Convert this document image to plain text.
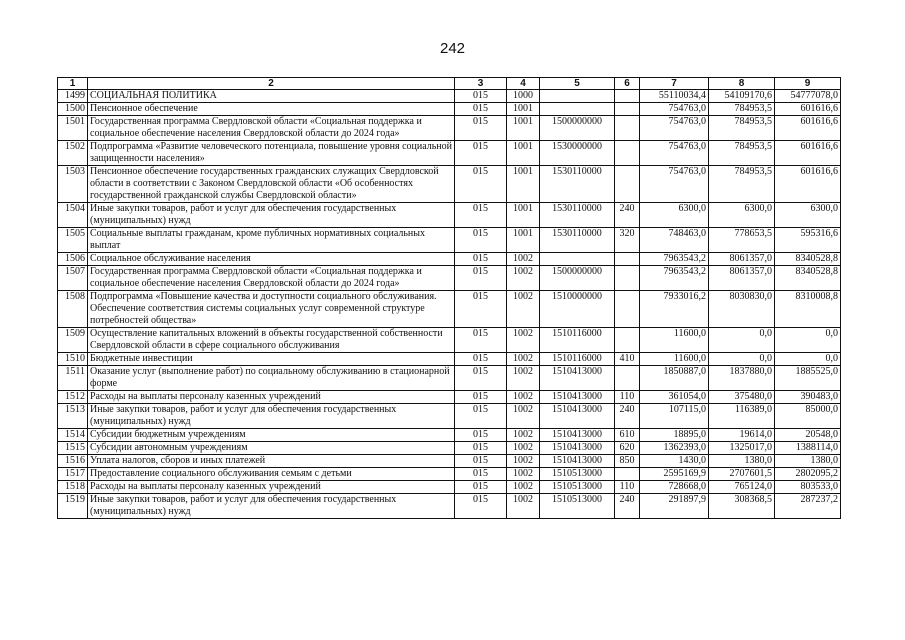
242
1	2	3	4	5	6	7	8	9
1499	СОЦИАЛЬНАЯ ПОЛИТИКА	015	1000			55110034,4	54109170,6	54777078,0
1500	Пенсионное обеспечение	015	1001			754763,0	784953,5	601616,6
1501	Государственная программа Свердловской области «Социальная поддержка и социальное обеспечение населения Свердловской области до 2024 года»	015	1001	1500000000		754763,0	784953,5	601616,6
1502	Подпрограмма «Развитие человеческого потенциала, повышение уровня социальной защищенности населения»	015	1001	1530000000		754763,0	784953,5	601616,6
1503	Пенсионное обеспечение государственных гражданских служащих Свердловской области в соответствии с Законом Свердловской области «Об особенностях государственной гражданской службы Свердловской области»	015	1001	1530110000		754763,0	784953,5	601616,6
1504	Иные закупки товаров, работ и услуг для обеспечения государственных (муниципальных) нужд	015	1001	1530110000	240	6300,0	6300,0	6300,0
1505	Социальные выплаты гражданам, кроме публичных нормативных социальных выплат	015	1001	1530110000	320	748463,0	778653,5	595316,6
1506	Социальное обслуживание населения	015	1002			7963543,2	8061357,0	8340528,8
1507	Государственная программа Свердловской области «Социальная поддержка и социальное обеспечение населения Свердловской области до 2024 года»	015	1002	1500000000		7963543,2	8061357,0	8340528,8
1508	Подпрограмма «Повышение качества и доступности социального обслуживания. Обеспечение соответствия системы социальных услуг современной структуре потребностей общества»	015	1002	1510000000		7933016,2	8030830,0	8310008,8
1509	Осуществление капитальных вложений в объекты государственной собственности Свердловской области в сфере социального обслуживания	015	1002	1510116000		11600,0	0,0	0,0
1510	Бюджетные инвестиции	015	1002	1510116000	410	11600,0	0,0	0,0
1511	Оказание услуг (выполнение работ) по социальному обслуживанию в стационарной форме	015	1002	1510413000		1850887,0	1837880,0	1885525,0
1512	Расходы на выплаты персоналу казенных учреждений	015	1002	1510413000	110	361054,0	375480,0	390483,0
1513	Иные закупки товаров, работ и услуг для обеспечения государственных (муниципальных) нужд	015	1002	1510413000	240	107115,0	116389,0	85000,0
1514	Субсидии бюджетным учреждениям	015	1002	1510413000	610	18895,0	19614,0	20548,0
1515	Субсидии автономным учреждениям	015	1002	1510413000	620	1362393,0	1325017,0	1388114,0
1516	Уплата налогов, сборов и иных платежей	015	1002	1510413000	850	1430,0	1380,0	1380,0
1517	Предоставление социального обслуживания семьям с детьми	015	1002	1510513000		2595169,9	2707601,5	2802095,2
1518	Расходы на выплаты персоналу казенных учреждений	015	1002	1510513000	110	728668,0	765124,0	803533,0
1519	Иные закупки товаров, работ и услуг для обеспечения государственных (муниципальных) нужд	015	1002	1510513000	240	291897,9	308368,5	287237,2
